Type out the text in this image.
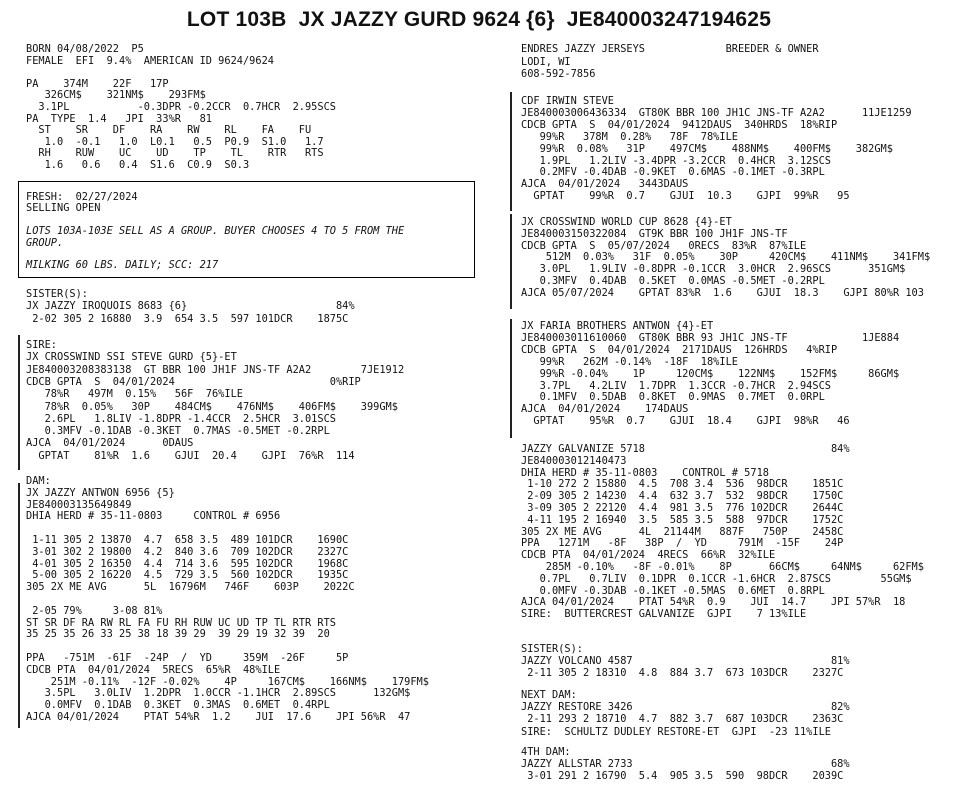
LOT 103B  JX JAZZY GURD 9624 {6}  JE840003247194625
BORN 04/08/2022  P5
FEMALE  EFI  9.4%  AMERICAN ID 9624/9624
PA    374M    22F   17P
326CM$    321NM$    293FM$
3.1PL           -0.3DPR -0.2CCR  0.7HCR  2.95SCS
PA  TYPE  1.4   JPI  33%R   81
ST    SR    DF    RA    RW    RL    FA    FU
1.0  -0.1   1.0  L0.1   0.5  P0.9  S1.0   1.7
RH    RUW    UC    UD    TP    TL    RTR   RTS
1.6   0.6   0.4  S1.6  C0.9  S0.3
FRESH:  02/27/2024
SELLING OPEN
LOTS 103A-103E SELL AS A GROUP. BUYER CHOOSES 4 TO 5 FROM THE
GROUP.
MILKING 60 LBS. DAILY; SCC: 217
SISTER(S):
JX JAZZY IROQUOIS 8683 {6}                        84%
2-02 305 2 16880  3.9  654 3.5  597 101DCR    1875C
SIRE:
JX CROSSWIND SSI STEVE GURD {5}-ET
JE840003208383138  GT BBR 100 JH1F JNS-TF A2A2        7JE1912
CDCB GPTA  S  04/01/2024                         0%RIP
78%R   497M  0.15%   56F  76%ILE
78%R  0.05%   30P    484CM$    476NM$    406FM$    399GM$
2.6PL   1.8LIV -1.8DPR -1.4CCR  2.5HCR  3.01SCS
0.3MFV -0.1DAB -0.3KET  0.7MAS -0.5MET -0.2RPL
AJCA  04/01/2024      0DAUS
GPTAT    81%R  1.6    GJUI  20.4    GJPI  76%R  114
DAM:
JX JAZZY ANTWON 6956 {5}
JE840003135649849
DHIA HERD # 35-11-0803     CONTROL # 6956
1-11 305 2 13870  4.7  658 3.5  489 101DCR    1690C
3-01 302 2 19800  4.2  840 3.6  709 102DCR    2327C
4-01 305 2 16350  4.4  714 3.6  595 102DCR    1968C
5-00 305 2 16220  4.5  729 3.5  560 102DCR    1935C
305 2X ME AVG      5L  16796M   746F    603P    2022C
2-05 79%     3-08 81%
ST SR DF RA RW RL FA FU RH RUW UC UD TP TL RTR RTS
35 25 35 26 33 25 38 18 39 29  39 29 19 32 39  20
PPA   -751M  -61F  -24P  /  YD     359M  -26F     5P
CDCB PTA  04/01/2024  5RECS  65%R  48%ILE
251M -0.11%  -12F -0.02%    4P     167CM$    166NM$    179FM$
3.5PL   3.0LIV  1.2DPR  1.0CCR -1.1HCR  2.89SCS      132GM$
0.0MFV  0.1DAB  0.3KET  0.3MAS  0.6MET  0.4RPL
AJCA 04/01/2024    PTAT 54%R  1.2    JUI  17.6    JPI 56%R  47
ENDRES JAZZY JERSEYS             BREEDER & OWNER
LODI, WI
608-592-7856
CDF IRWIN STEVE
JE840003006436334  GT80K BBR 100 JH1C JNS-TF A2A2      11JE1259
CDCB GPTA  S  04/01/2024  9412DAUS  340HRDS  18%RIP
99%R   378M  0.28%   78F  78%ILE
99%R  0.08%   31P    497CM$    488NM$    400FM$    382GM$
1.9PL   1.2LIV -3.4DPR -3.2CCR  0.4HCR  3.12SCS
0.2MFV -0.4DAB -0.9KET  0.6MAS -0.1MET -0.3RPL
AJCA  04/01/2024   3443DAUS
GPTAT    99%R  0.7    GJUI  10.3    GJPI  99%R   95
JX CROSSWIND WORLD CUP 8628 {4}-ET
JE840003150322084  GT9K BBR 100 JH1F JNS-TF
CDCB GPTA  S  05/07/2024   0RECS  83%R  87%ILE
512M  0.03%   31F  0.05%    30P     420CM$    411NM$    341FM$
3.0PL   1.9LIV -0.8DPR -0.1CCR  3.0HCR  2.96SCS      351GM$
0.3MFV  0.4DAB  0.5KET  0.0MAS -0.5MET -0.2RPL
AJCA 05/07/2024    GPTAT 83%R  1.6    GJUI  18.3    GJPI 80%R 103
JX FARIA BROTHERS ANTWON {4}-ET
JE840003011610060  GT80K BBR 93 JH1C JNS-TF            1JE884
CDCB GPTA  S  04/01/2024  2171DAUS  126HRDS   4%RIP
99%R   262M -0.14%  -18F  18%ILE
99%R -0.04%    1P     120CM$    122NM$    152FM$     86GM$
3.7PL   4.2LIV  1.7DPR  1.3CCR -0.7HCR  2.94SCS
0.1MFV  0.5DAB  0.8KET  0.9MAS  0.7MET  0.0RPL
AJCA  04/01/2024    174DAUS
GPTAT    95%R  0.7    GJUI  18.4    GJPI  98%R   46
JAZZY GALVANIZE 5718                              84%
JE840003012140473
DHIA HERD # 35-11-0803    CONTROL # 5718
1-10 272 2 15880  4.5  708 3.4  536  98DCR    1851C
2-09 305 2 14230  4.4  632 3.7  532  98DCR    1750C
3-09 305 2 22120  4.4  981 3.5  776 102DCR    2644C
4-11 195 2 16940  3.5  585 3.5  588  97DCR    1752C
305 2X ME AVG      4L  21144M   887F   750P    2458C
PPA   1271M   -8F   38P  /  YD     791M  -15F    24P
CDCB PTA  04/01/2024  4RECS  66%R  32%ILE
285M -0.10%   -8F -0.01%    8P      66CM$     64NM$     62FM$
0.7PL   0.7LIV  0.1DPR  0.1CCR -1.6HCR  2.87SCS        55GM$
0.0MFV -0.3DAB -0.1KET -0.5MAS  0.6MET  0.8RPL
AJCA 04/01/2024    PTAT 54%R  0.9    JUI  14.7    JPI 57%R  18
SIRE:  BUTTERCREST GALVANIZE  GJPI    7 13%ILE
SISTER(S):
JAZZY VOLCANO 4587                                81%
2-11 305 2 18310  4.8  884 3.7  673 103DCR    2327C
NEXT DAM:
JAZZY RESTORE 3426                                82%
2-11 293 2 18710  4.7  882 3.7  687 103DCR    2363C
SIRE:  SCHULTZ DUDLEY RESTORE-ET  GJPI  -23 11%ILE
4TH DAM:
JAZZY ALLSTAR 2733                                68%
3-01 291 2 16790  5.4  905 3.5  590  98DCR    2039C
